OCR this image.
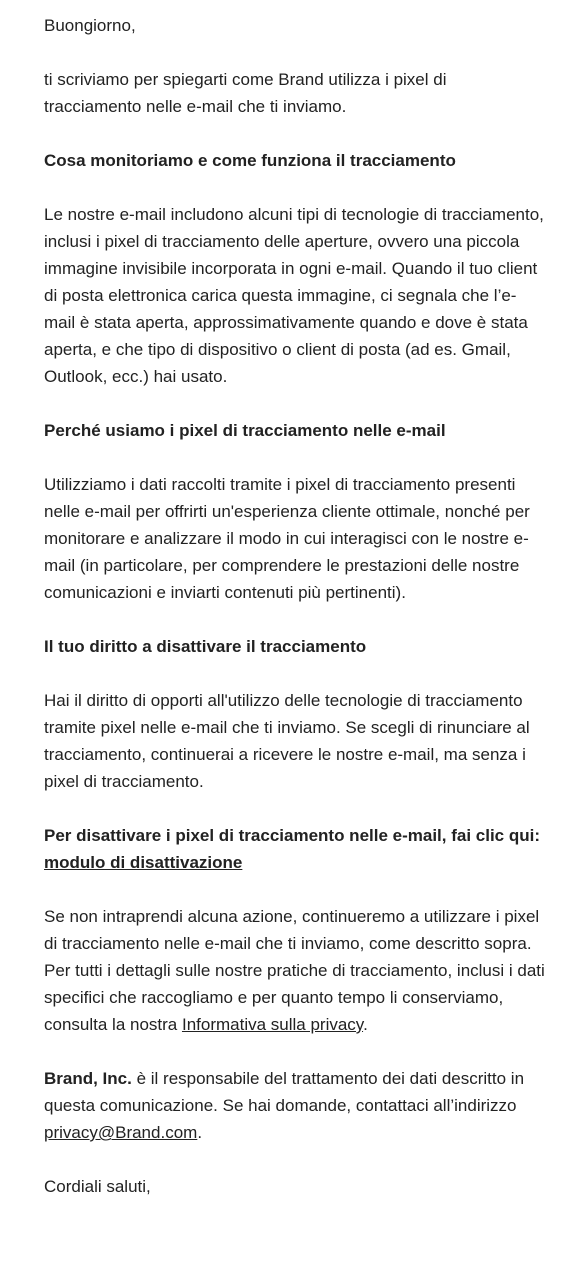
Buongiorno,

ti scriviamo per spiegarti come Brand utilizza i pixel di tracciamento nelle e-mail che ti inviamo.

Cosa monitoriamo e come funziona il tracciamento

Le nostre e-mail includono alcuni tipi di tecnologie di tracciamento, inclusi i pixel di tracciamento delle aperture, ovvero una piccola immagine invisibile incorporata in ogni e-mail. Quando il tuo client di posta elettronica carica questa immagine, ci segnala che l’e-mail è stata aperta, approssimativamente quando e dove è stata aperta, e che tipo di dispositivo o client di posta (ad es. Gmail, Outlook, ecc.) hai usato.

Perché usiamo i pixel di tracciamento nelle e-mail

Utilizziamo i dati raccolti tramite i pixel di tracciamento presenti nelle e-mail per offrirti un'esperienza cliente ottimale, nonché per monitorare e analizzare il modo in cui interagisci con le nostre e-mail (in particolare, per comprendere le prestazioni delle nostre comunicazioni e inviarti contenuti più pertinenti).

Il tuo diritto a disattivare il tracciamento

Hai il diritto di opporti all'utilizzo delle tecnologie di tracciamento tramite pixel nelle e-mail che ti inviamo. Se scegli di rinunciare al tracciamento, continuerai a ricevere le nostre e-mail, ma senza i pixel di tracciamento.

Per disattivare i pixel di tracciamento nelle e-mail, fai clic qui: modulo di disattivazione

Se non intraprendi alcuna azione, continueremo a utilizzare i pixel di tracciamento nelle e-mail che ti inviamo, come descritto sopra. Per tutti i dettagli sulle nostre pratiche di tracciamento, inclusi i dati specifici che raccogliamo e per quanto tempo li conserviamo, consulta la nostra Informativa sulla privacy.

Brand, Inc. è il responsabile del trattamento dei dati descritto in questa comunicazione. Se hai domande, contattaci all’indirizzo privacy@Brand.com.

Cordiali saluti,
